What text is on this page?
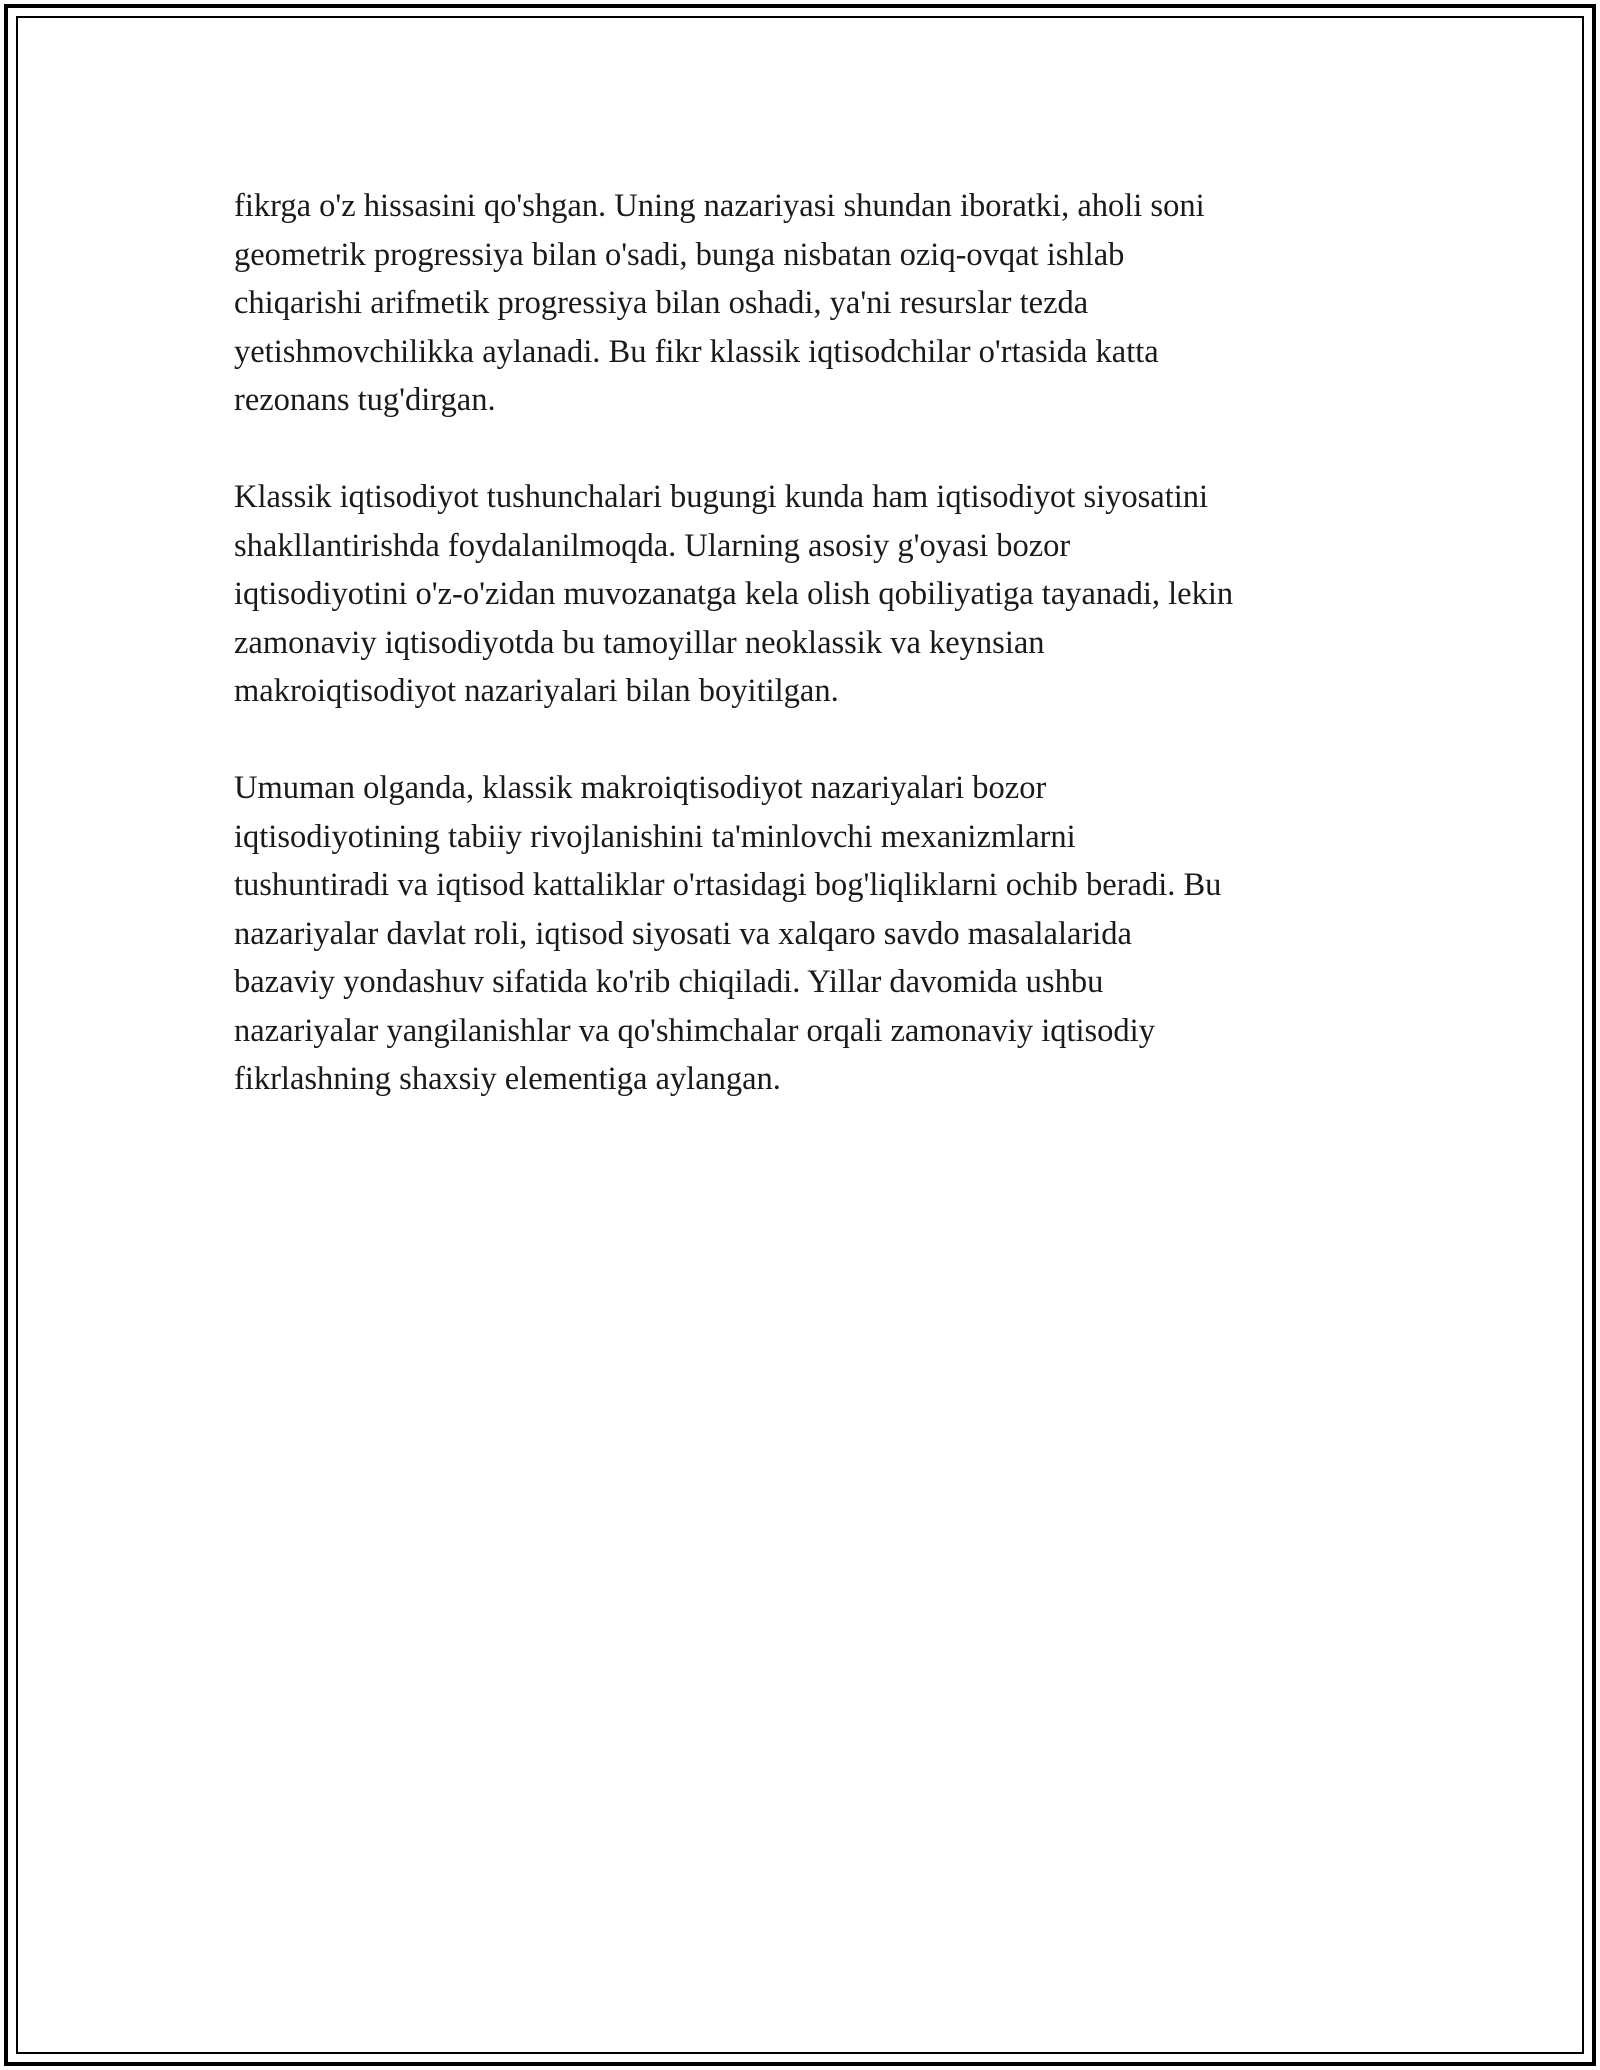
fikrga o'z hissasini qo'shgan. Uning nazariyasi shundan iboratki, aholi soni
geometrik progressiya bilan o'sadi, bunga nisbatan oziq-ovqat ishlab
chiqarishi arifmetik progressiya bilan oshadi, ya'ni resurslar tezda
yetishmovchilikka aylanadi. Bu fikr klassik iqtisodchilar o'rtasida katta
rezonans tug'dirgan.

Klassik iqtisodiyot tushunchalari bugungi kunda ham iqtisodiyot siyosatini
shakllantirishda foydalanilmoqda. Ularning asosiy g'oyasi bozor
iqtisodiyotini o'z-o'zidan muvozanatga kela olish qobiliyatiga tayanadi, lekin
zamonaviy iqtisodiyotda bu tamoyillar neoklassik va keynsian
makroiqtisodiyot nazariyalari bilan boyitilgan.

Umuman olganda, klassik makroiqtisodiyot nazariyalari bozor
iqtisodiyotining tabiiy rivojlanishini ta'minlovchi mexanizmlarni
tushuntiradi va iqtisod kattaliklar o'rtasidagi bog'liqliklarni ochib beradi. Bu
nazariyalar davlat roli, iqtisod siyosati va xalqaro savdo masalalarida
bazaviy yondashuv sifatida ko'rib chiqiladi. Yillar davomida ushbu
nazariyalar yangilanishlar va qo'shimchalar orqali zamonaviy iqtisodiy
fikrlashning shaxsiy elementiga aylangan.
